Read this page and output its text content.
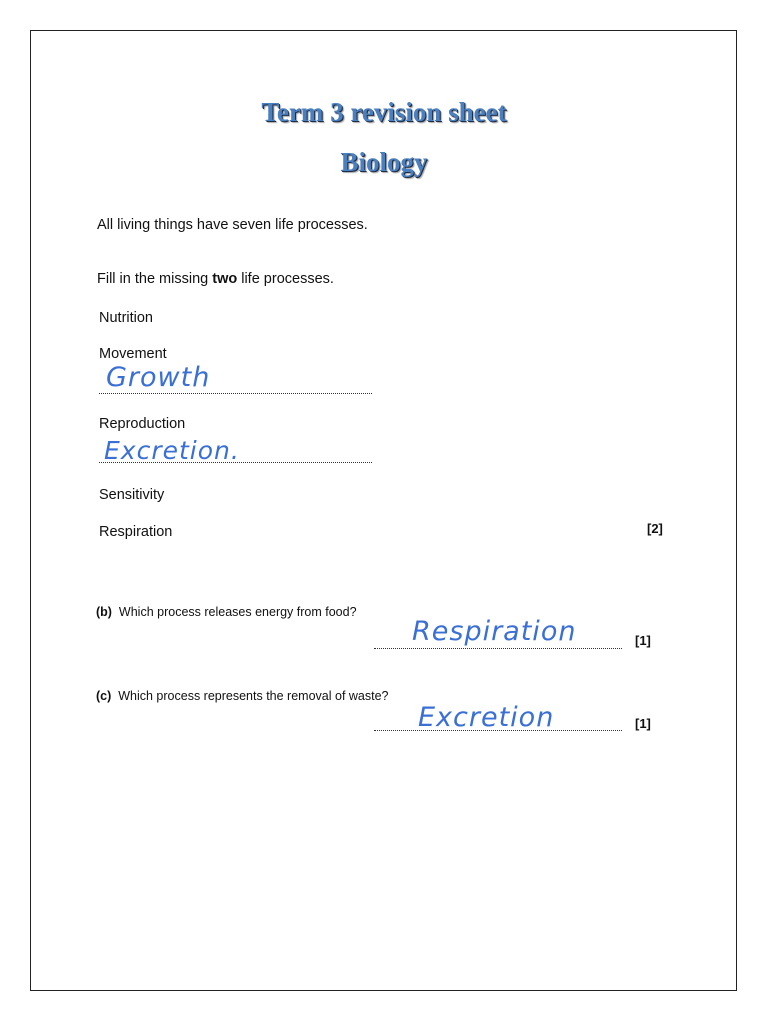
Term 3 revision sheet
Biology
All living things have seven life processes.
Fill in the missing two life processes.
Nutrition
Movement
Growth
Reproduction
Excretion.
Sensitivity
Respiration	[2]
(b) Which process releases energy from food?
Respiration	[1]
(c) Which process represents the removal of waste?
Excretion	[1]
